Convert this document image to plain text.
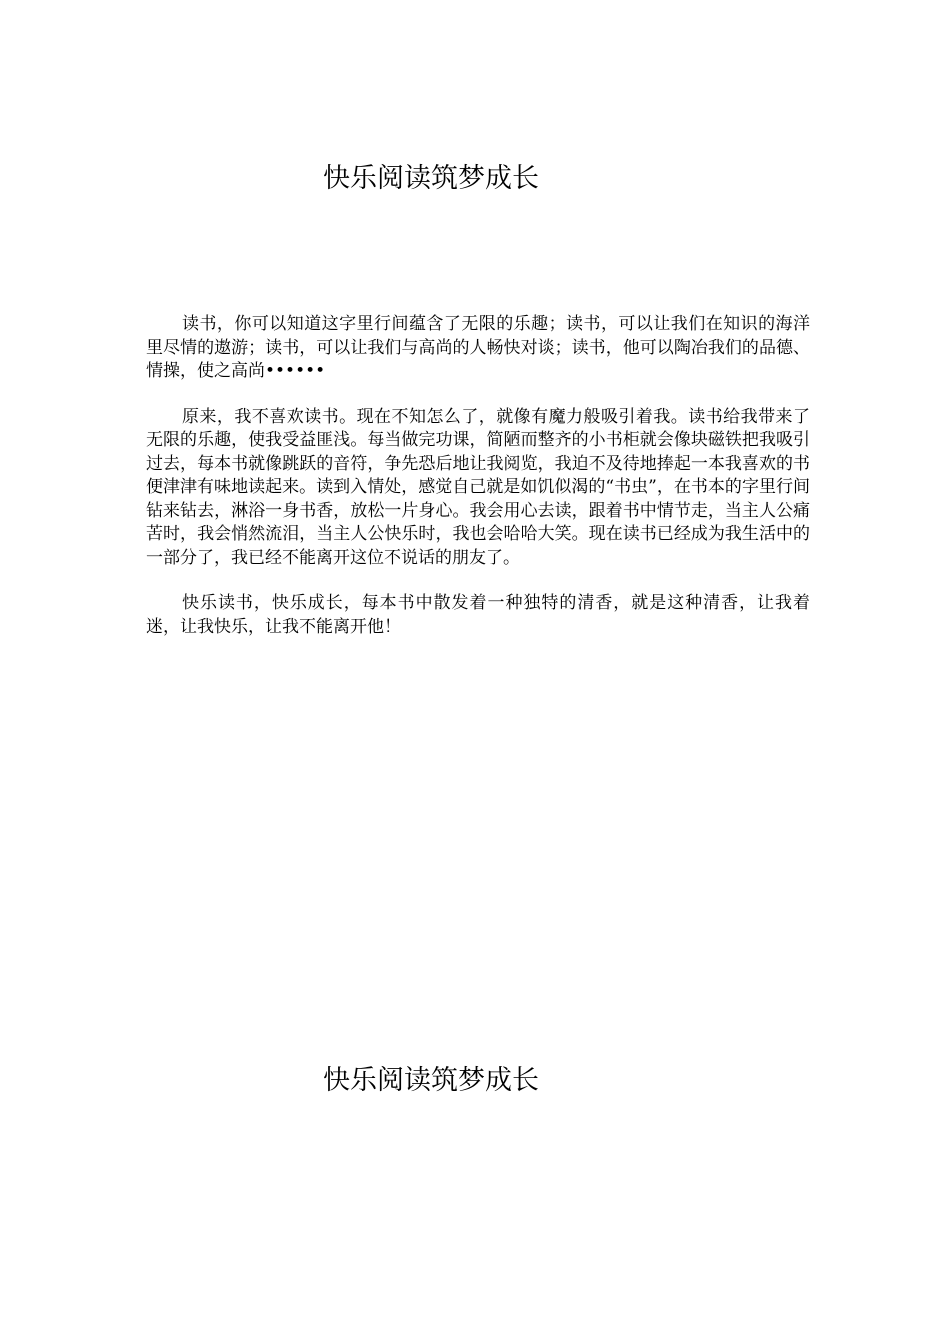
快乐阅读筑梦成长

读书，你可以知道这字里行间蕴含了无限的乐趣；读书，可以让我们在知识的海洋里尽情的遨游；读书，可以让我们与高尚的人畅快对谈；读书，他可以陶冶我们的品德、情操，使之高尚••••••

原来，我不喜欢读书。现在不知怎么了，就像有魔力般吸引着我。读书给我带来了无限的乐趣，使我受益匪浅。每当做完功课，简陋而整齐的小书柜就会像块磁铁把我吸引过去，每本书就像跳跃的音符，争先恐后地让我阅览，我迫不及待地捧起一本我喜欢的书便津津有味地读起来。读到入情处，感觉自己就是如饥似渴的“书虫”，在书本的字里行间钻来钻去，淋浴一身书香，放松一片身心。我会用心去读，跟着书中情节走，当主人公痛苦时，我会悄然流泪，当主人公快乐时，我也会哈哈大笑。现在读书已经成为我生活中的一部分了，我已经不能离开这位不说话的朋友了。

快乐读书，快乐成长，每本书中散发着一种独特的清香，就是这种清香，让我着迷，让我快乐，让我不能离开他！

快乐阅读筑梦成长
